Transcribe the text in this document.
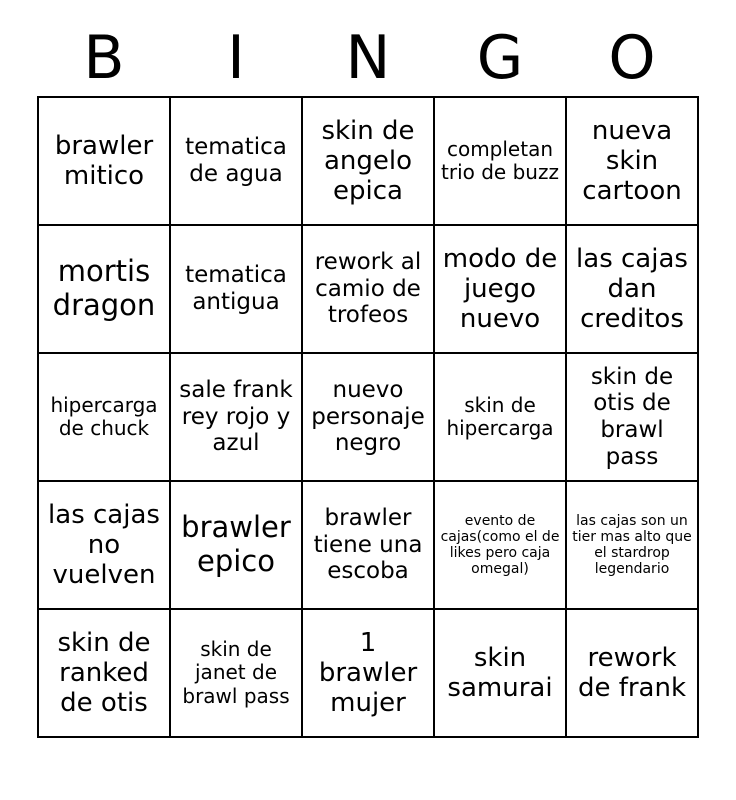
B	I	N	G	O
brawler mitico	tematica de agua	skin de angelo epica	completan trio de buzz	nueva skin cartoon

mortis dragon	tematica antigua	rework al camio de trofeos	modo de juego nuevo	las cajas dan creditos

hipercarga de chuck	sale frank rey rojo y azul	nuevo personaje negro	skin de hipercarga	skin de otis de brawl pass

las cajas no vuelven	brawler epico	brawler tiene una escoba	evento de cajas(como el de likes pero caja omegal)	las cajas son un tier mas alto que el stardrop legendario

skin de ranked de otis	skin de janet de brawl pass	1 brawler mujer	skin samurai	rework de frank
